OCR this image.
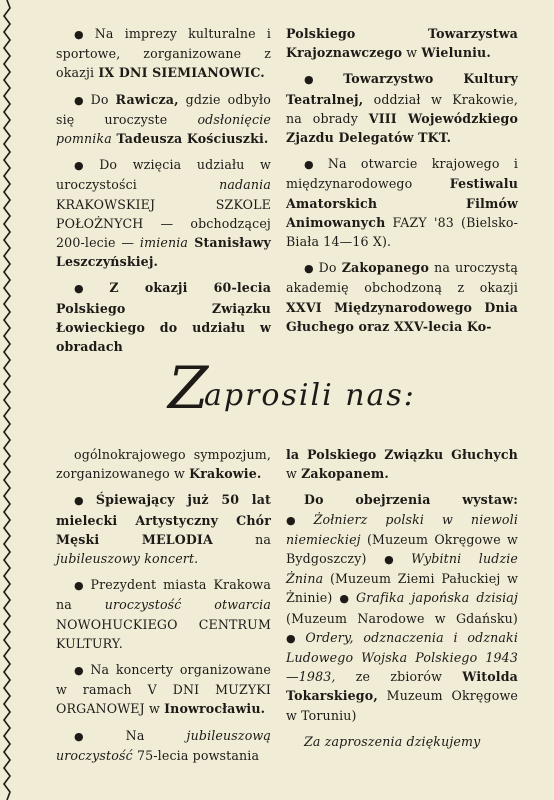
● Na imprezy kulturalne i sportowe, zorganizowane z okazji IX DNI SIEMIANOWIC.

● Do Rawicza, gdzie odbyło się uroczyste odsłonięcie pomnika Tadeusza Kościuszki.

● Do wzięcia udziału w uroczystości nadania KRAKOWSKIEJ SZKOLE POŁOŻNYCH — obchodzącej 200-lecie — imienia Stanisławy Leszczyńskiej.

● Z okazji 60-lecia Polskiego Związku Łowieckiego do udziału w obradach

Polskiego Towarzystwa Krajoznawczego w Wieluniu.

● Towarzystwo Kultury Teatralnej, oddział w Krakowie, na obrady VIII Wojewódzkiego Zjazdu Delegatów TKT.

● Na otwarcie krajowego i międzynarodowego Festiwalu Amatorskich Filmów Animowanych FAZY '83 (Bielsko-Biała 14—16 X).

● Do Zakopanego na uroczystą akademię obchodzoną z okazji XXVI Międzynarodowego Dnia Głuchego oraz XXV-lecia Ko-

Z
aprosili nas:

ogólnokrajowego sympozjum, zorganizowanego w Krakowie.

● Śpiewający już 50 lat mielecki Artystyczny Chór Męski MELODIA na jubileuszowy koncert.

● Prezydent miasta Krakowa na uroczystość otwarcia NOWOHUCKIEGO CENTRUM KULTURY.

● Na koncerty organizowane w ramach V DNI MUZYKI ORGANOWEJ w Inowrocławiu.

● Na jubileuszową uroczystość 75-lecia powstania

la Polskiego Związku Głuchych w Zakopanem.

Do obejrzenia wystaw: ● Żołnierz polski w niewoli niemieckiej (Muzeum Okręgowe w Bydgoszczy) ● Wybitni ludzie Żnina (Muzeum Ziemi Pałuckiej w Żninie) ● Grafika japońska dzisiaj (Muzeum Narodowe w Gdańsku) ● Ordery, odznaczenia i odznaki Ludowego Wojska Polskiego 1943—1983, ze zbiorów Witolda Tokarskiego, Muzeum Okręgowe w Toruniu)

Za zaproszenia dziękujemy
